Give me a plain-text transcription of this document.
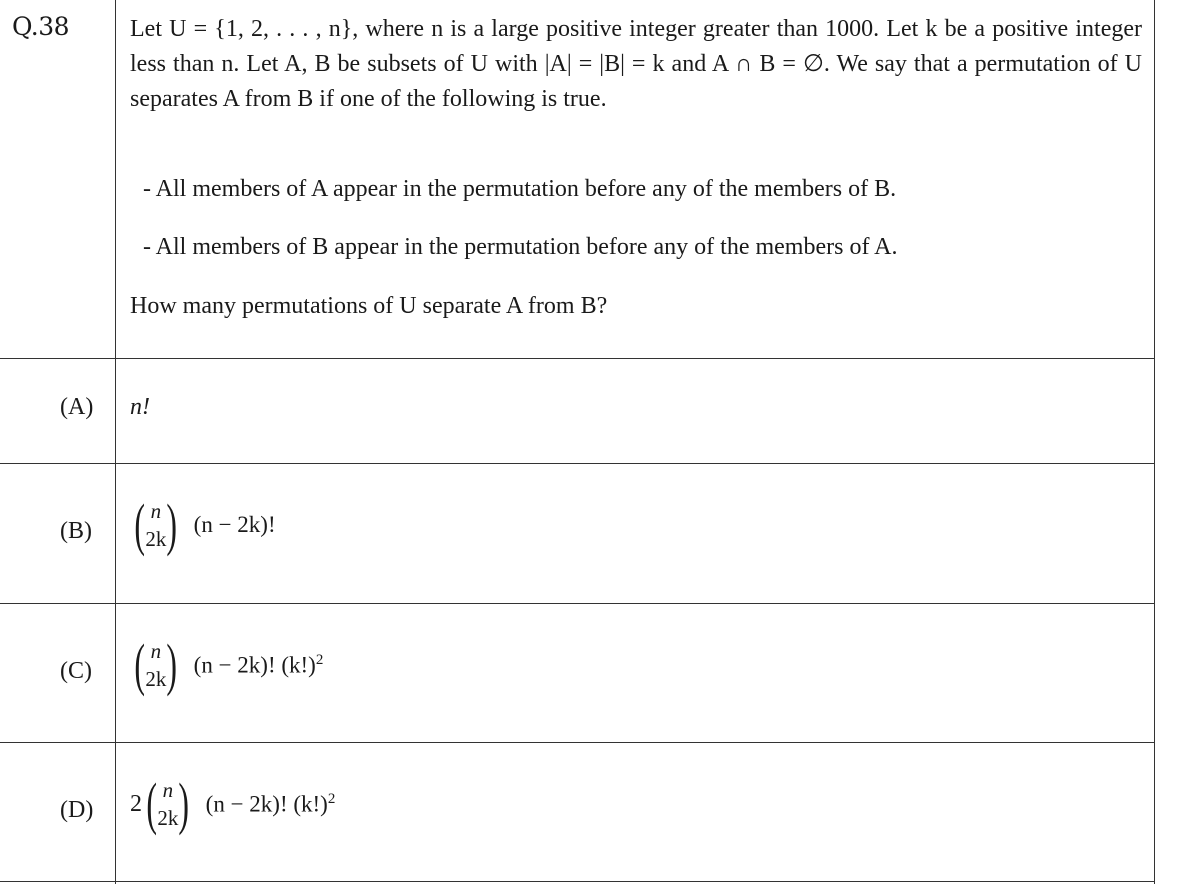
Q.38	Let U = {1, 2, . . . , n}, where n is a large positive integer greater than 1000. Let k be a positive integer less than n. Let A, B be subsets of U with |A| = |B| = k and A ∩ B = ∅. We say that a permutation of U separates A from B if one of the following is true.

- All members of A appear in the permutation before any of the members of B.
- All members of B appear in the permutation before any of the members of A.
How many permutations of U separate A from B?
(A) n!
(B) ( n
2k ) (n − 2k)!
(C) ( n
2k ) (n − 2k)! $(k!)^2$
(D) 2 ( n
2k ) (n − 2k)! $(k!)^2$
